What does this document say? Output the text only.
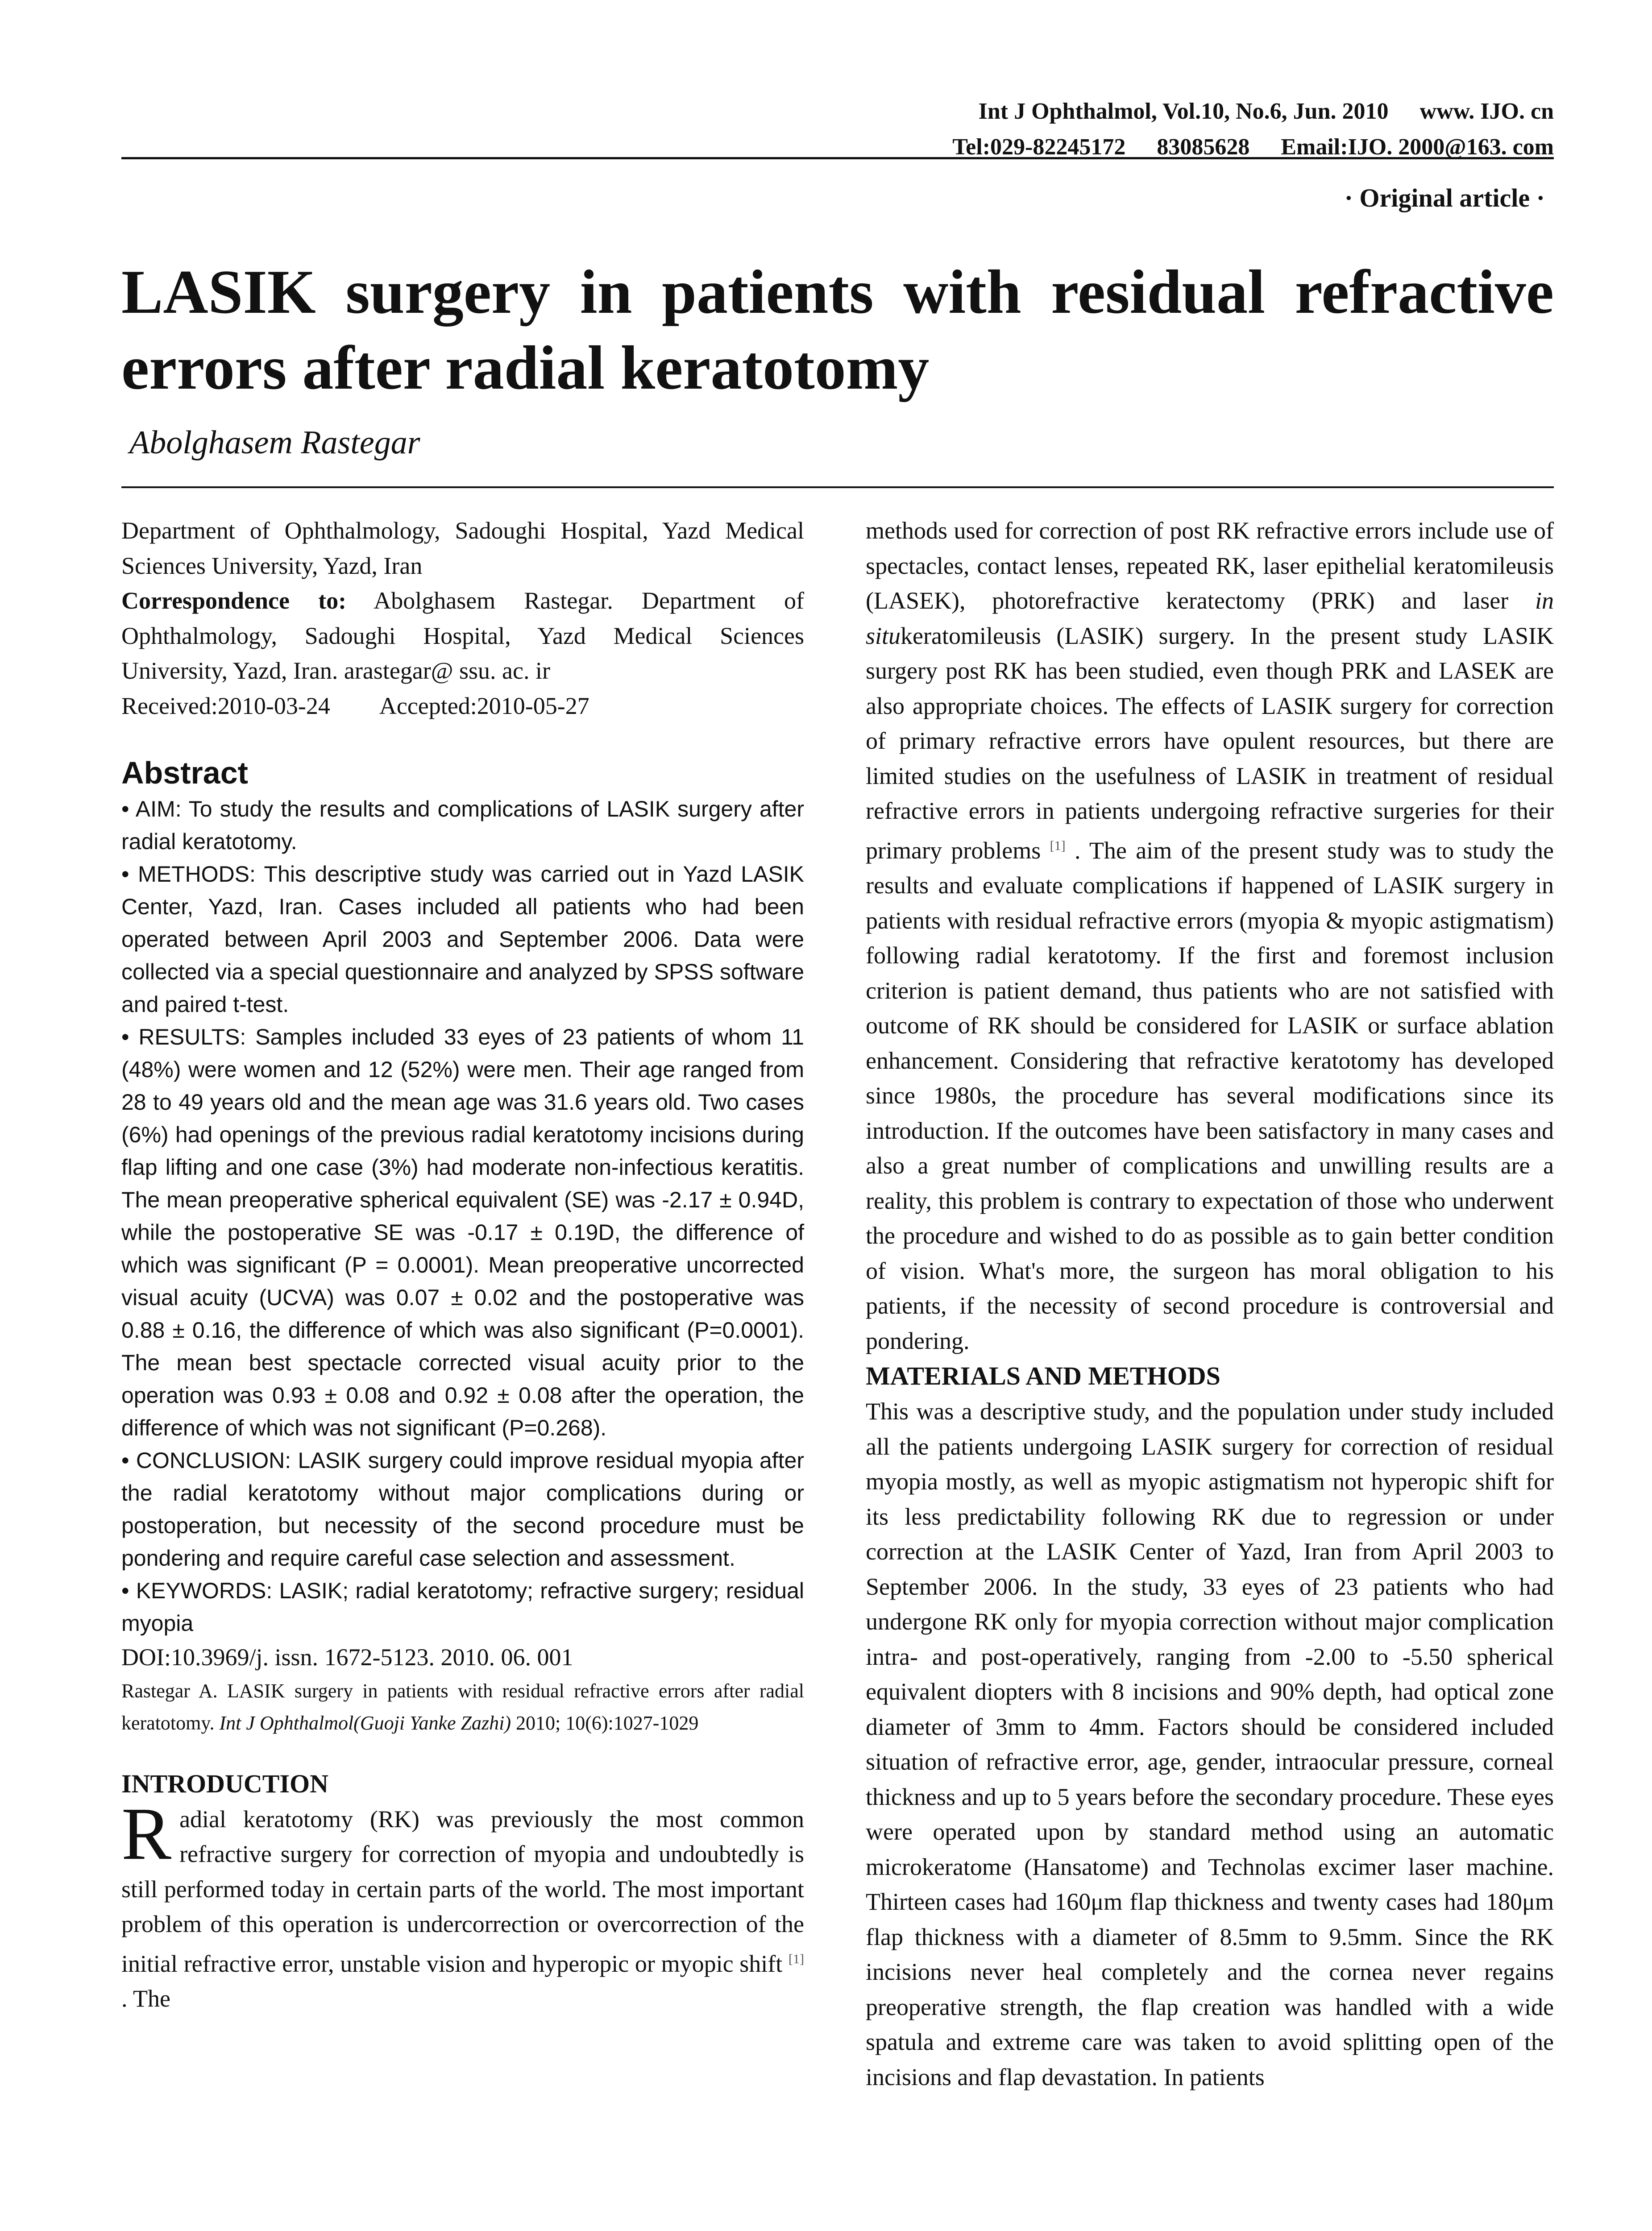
Int J Ophthalmol, Vol.10, No.6, Jun. 2010 www. IJO. cn
Tel:029-82245172 83085628 Email:IJO. 2000@163. com
· Original article ·
LASIK surgery in patients with residual refractive
errors after radial keratotomy
Abolghasem Rastegar

Department of Ophthalmology, Sadoughi Hospital, Yazd Medical Sciences University, Yazd, Iran

Correspondence to: Abolghasem Rastegar. Department of Ophthalmology, Sadoughi Hospital, Yazd Medical Sciences University, Yazd, Iran. arastegar@ ssu. ac. ir

Received:2010-03-24 Accepted:2010-05-27

Abstract

• AIM: To study the results and complications of LASIK surgery after radial keratotomy.

• METHODS: This descriptive study was carried out in Yazd LASIK Center, Yazd, Iran. Cases included all patients who had been operated between April 2003 and September 2006. Data were collected via a special questionnaire and analyzed by SPSS software and paired t-test.

• RESULTS: Samples included 33 eyes of 23 patients of whom 11 (48%) were women and 12 (52%) were men. Their age ranged from 28 to 49 years old and the mean age was 31.6 years old. Two cases (6%) had openings of the previous radial keratotomy incisions during flap lifting and one case (3%) had moderate non-infectious keratitis. The mean preoperative spherical equivalent (SE) was -2.17 ± 0.94D, while the postoperative SE was -0.17 ± 0.19D, the difference of which was significant (P = 0.0001). Mean preoperative uncorrected visual acuity (UCVA) was 0.07 ± 0.02 and the postoperative was 0.88 ± 0.16, the difference of which was also significant (P=0.0001). The mean best spectacle corrected visual acuity prior to the operation was 0.93 ± 0.08 and 0.92 ± 0.08 after the operation, the difference of which was not significant (P=0.268).

• CONCLUSION: LASIK surgery could improve residual myopia after the radial keratotomy without major complications during or postoperation, but necessity of the second procedure must be pondering and require careful case selection and assessment.

• KEYWORDS: LASIK; radial keratotomy; refractive surgery; residual myopia

DOI:10.3969/j. issn. 1672-5123. 2010. 06. 001

Rastegar A. LASIK surgery in patients with residual refractive errors after radial keratotomy. Int J Ophthalmol(Guoji Yanke Zazhi) 2010; 10(6):1027-1029

INTRODUCTION

Radial keratotomy (RK) was previously the most common refractive surgery for correction of myopia and undoubtedly is still performed today in certain parts of the world. The most important problem of this operation is undercorrection or overcorrection of the initial refractive error, unstable vision and hyperopic or myopic shift [1] . The

methods used for correction of post RK refractive errors include use of spectacles, contact lenses, repeated RK, laser epithelial keratomileusis (LASEK), photorefractive keratectomy (PRK) and laser in situkeratomileusis (LASIK) surgery. In the present study LASIK surgery post RK has been studied, even though PRK and LASEK are also appropriate choices. The effects of LASIK surgery for correction of primary refractive errors have opulent resources, but there are limited studies on the usefulness of LASIK in treatment of residual refractive errors in patients undergoing refractive surgeries for their primary problems [1] . The aim of the present study was to study the results and evaluate complications if happened of LASIK surgery in patients with residual refractive errors (myopia & myopic astigmatism) following radial keratotomy. If the first and foremost inclusion criterion is patient demand, thus patients who are not satisfied with outcome of RK should be considered for LASIK or surface ablation enhancement. Considering that refractive keratotomy has developed since 1980s, the procedure has several modifications since its introduction. If the outcomes have been satisfactory in many cases and also a great number of complications and unwilling results are a reality, this problem is contrary to expectation of those who underwent the procedure and wished to do as possible as to gain better condition of vision. What's more, the surgeon has moral obligation to his patients, if the necessity of second procedure is controversial and pondering.

MATERIALS AND METHODS

This was a descriptive study, and the population under study included all the patients undergoing LASIK surgery for correction of residual myopia mostly, as well as myopic astigmatism not hyperopic shift for its less predictability following RK due to regression or under correction at the LASIK Center of Yazd, Iran from April 2003 to September 2006. In the study, 33 eyes of 23 patients who had undergone RK only for myopia correction without major complication intra- and post-operatively, ranging from -2.00 to -5.50 spherical equivalent diopters with 8 incisions and 90% depth, had optical zone diameter of 3mm to 4mm. Factors should be considered included situation of refractive error, age, gender, intraocular pressure, corneal thickness and up to 5 years before the secondary procedure. These eyes were operated upon by standard method using an automatic microkeratome (Hansatome) and Technolas excimer laser machine. Thirteen cases had 160μm flap thickness and twenty cases had 180μm flap thickness with a diameter of 8.5mm to 9.5mm. Since the RK incisions never heal completely and the cornea never regains preoperative strength, the flap creation was handled with a wide spatula and extreme care was taken to avoid splitting open of the incisions and flap devastation. In patients
